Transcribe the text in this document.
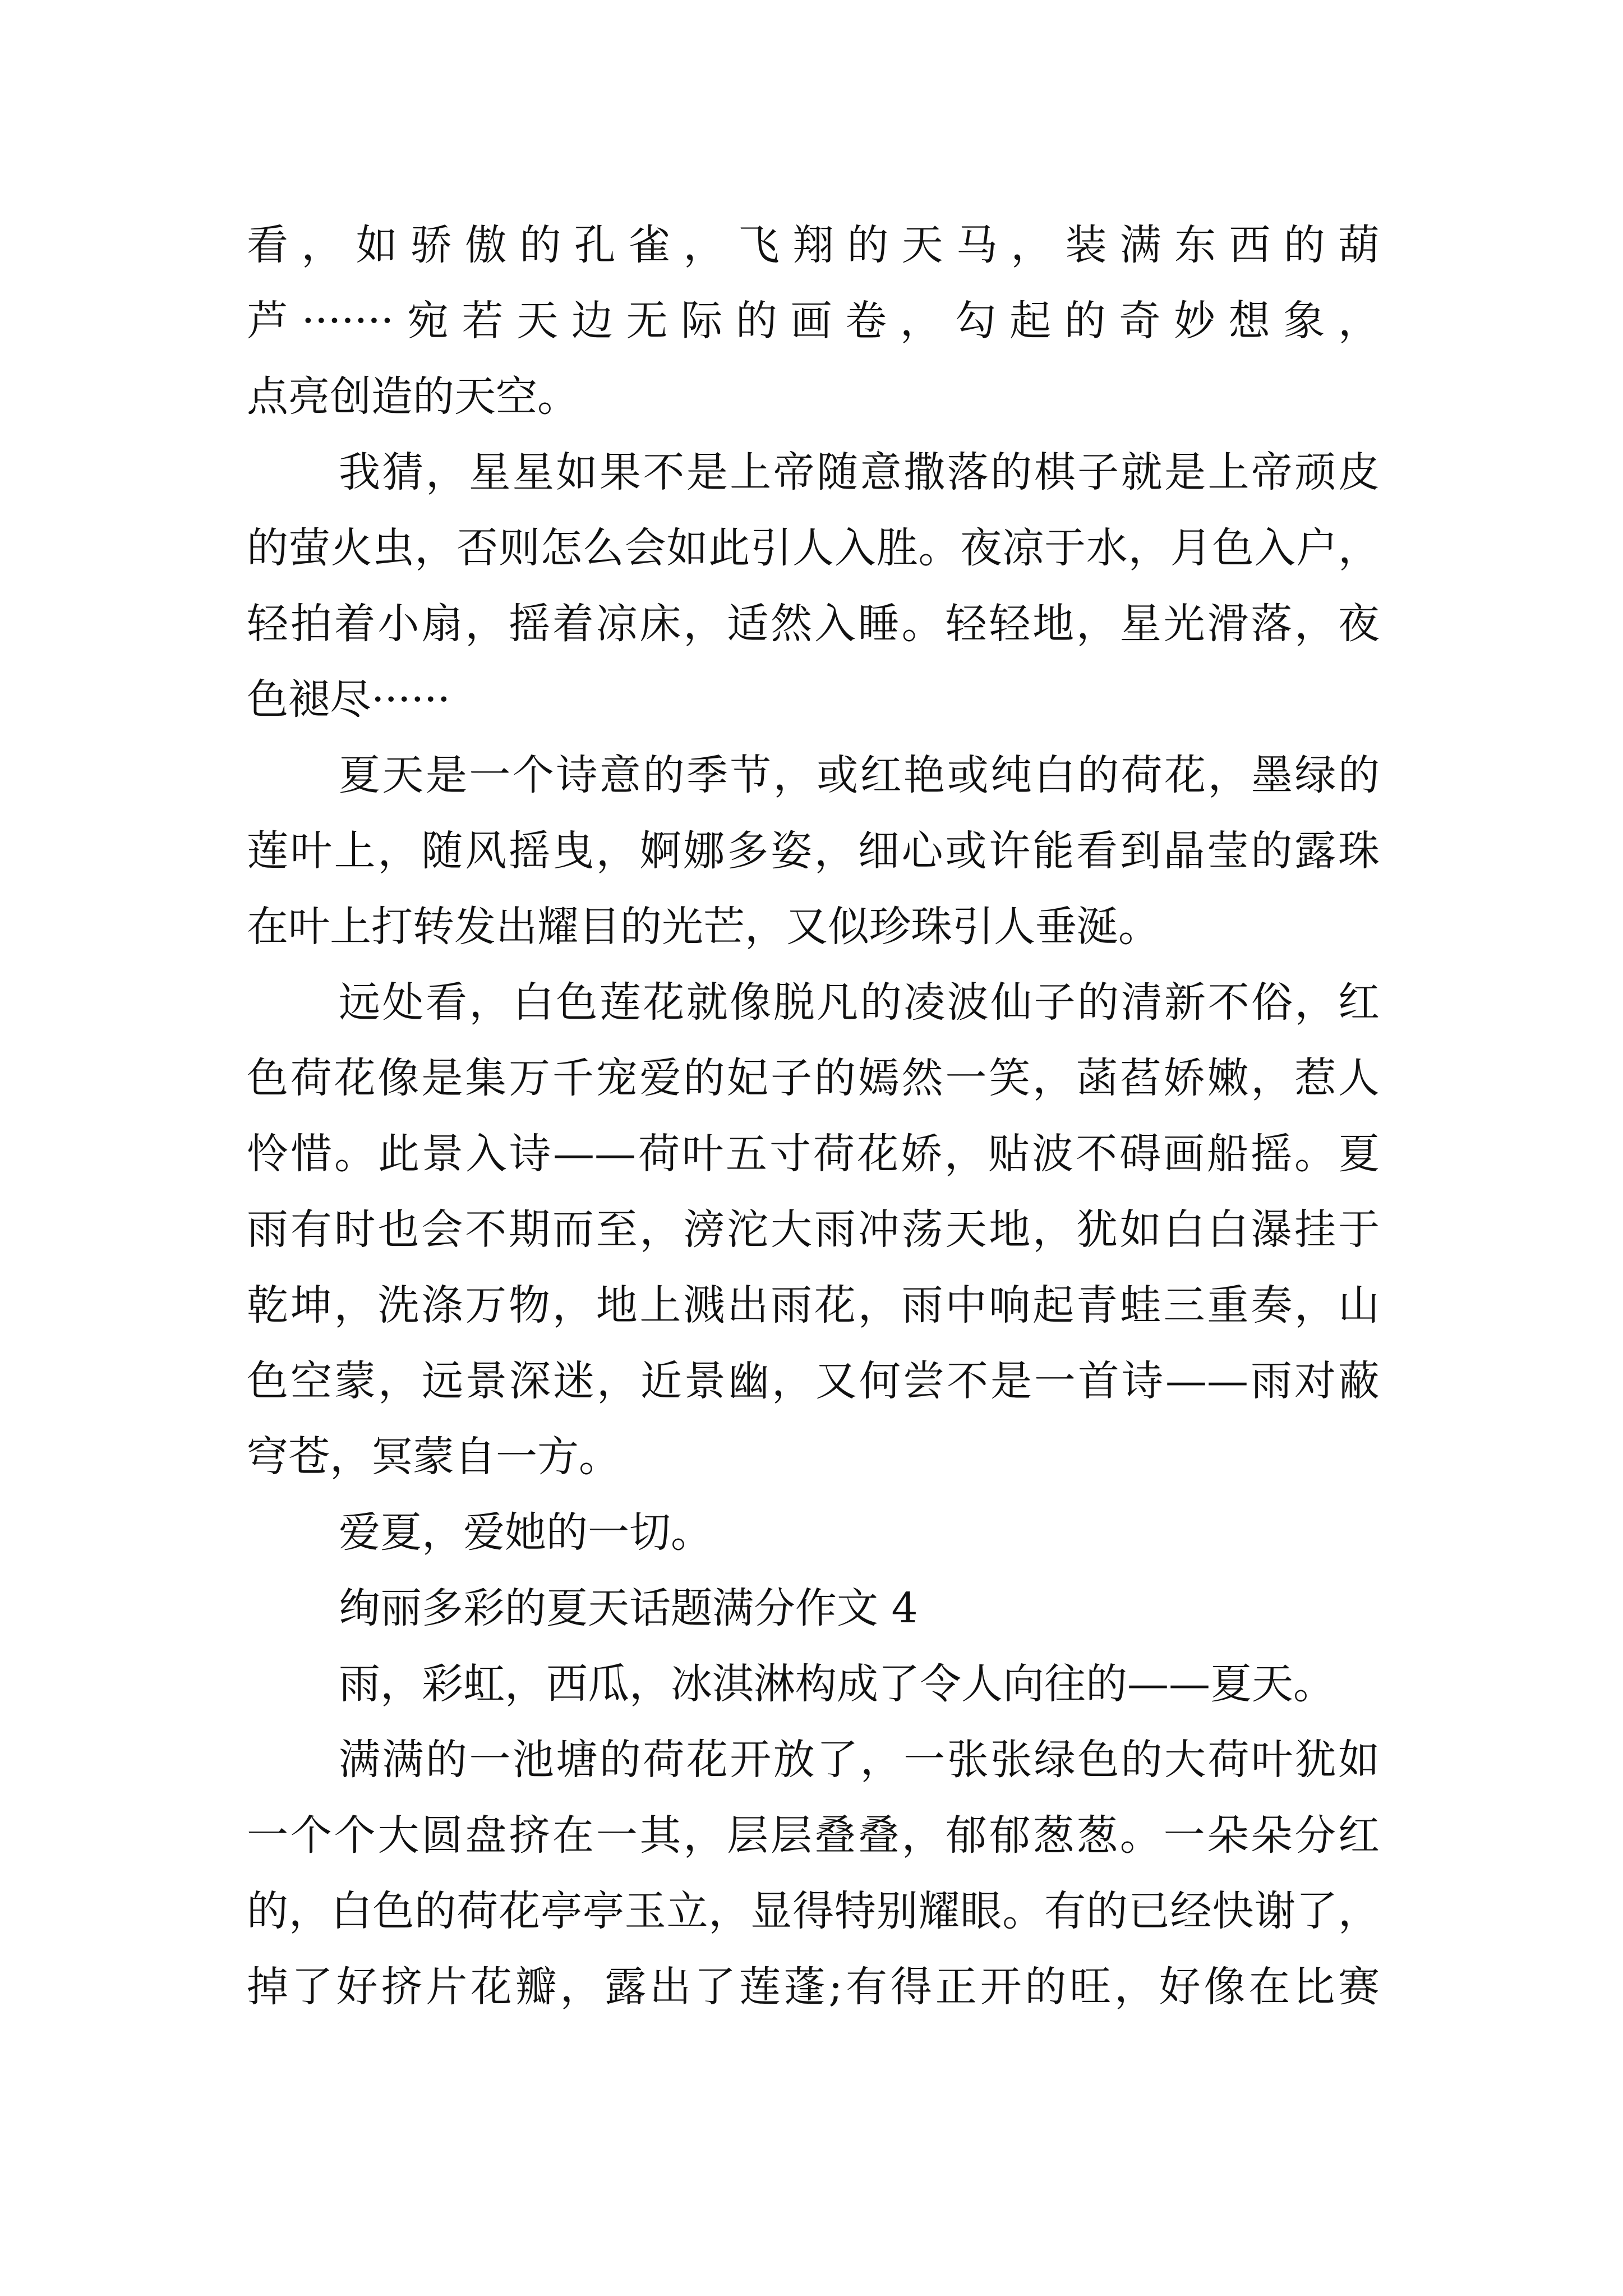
看，如骄傲的孔雀，飞翔的天马，装满东西的葫
芦·······宛若天边无际的画卷，勾起的奇妙想象，
点亮创造的天空。
我猜，星星如果不是上帝随意撒落的棋子就是上帝顽皮
的萤火虫，否则怎么会如此引人入胜。夜凉于水，月色入户，
轻拍着小扇，摇着凉床，适然入睡。轻轻地，星光滑落，夜
色褪尽······
夏天是一个诗意的季节，或红艳或纯白的荷花，墨绿的
莲叶上，随风摇曳，婀娜多姿，细心或许能看到晶莹的露珠
在叶上打转发出耀目的光芒，又似珍珠引人垂涎。
远处看，白色莲花就像脱凡的凌波仙子的清新不俗，红
色荷花像是集万千宠爱的妃子的嫣然一笑，菡萏娇嫩，惹人
怜惜。此景入诗——荷叶五寸荷花娇，贴波不碍画船摇。夏
雨有时也会不期而至，滂沱大雨冲荡天地，犹如白白瀑挂于
乾坤，洗涤万物，地上溅出雨花，雨中响起青蛙三重奏，山
色空蒙，远景深迷，近景幽，又何尝不是一首诗——雨对蔽
穹苍，冥蒙自一方。
爱夏，爱她的一切。
绚丽多彩的夏天话题满分作文 4
雨，彩虹，西瓜，冰淇淋构成了令人向往的——夏天。
满满的一池塘的荷花开放了，一张张绿色的大荷叶犹如
一个个大圆盘挤在一其，层层叠叠，郁郁葱葱。一朵朵分红
的，白色的荷花亭亭玉立，显得特别耀眼。有的已经快谢了，
掉了好挤片花瓣，露出了莲蓬;有得正开的旺，好像在比赛
